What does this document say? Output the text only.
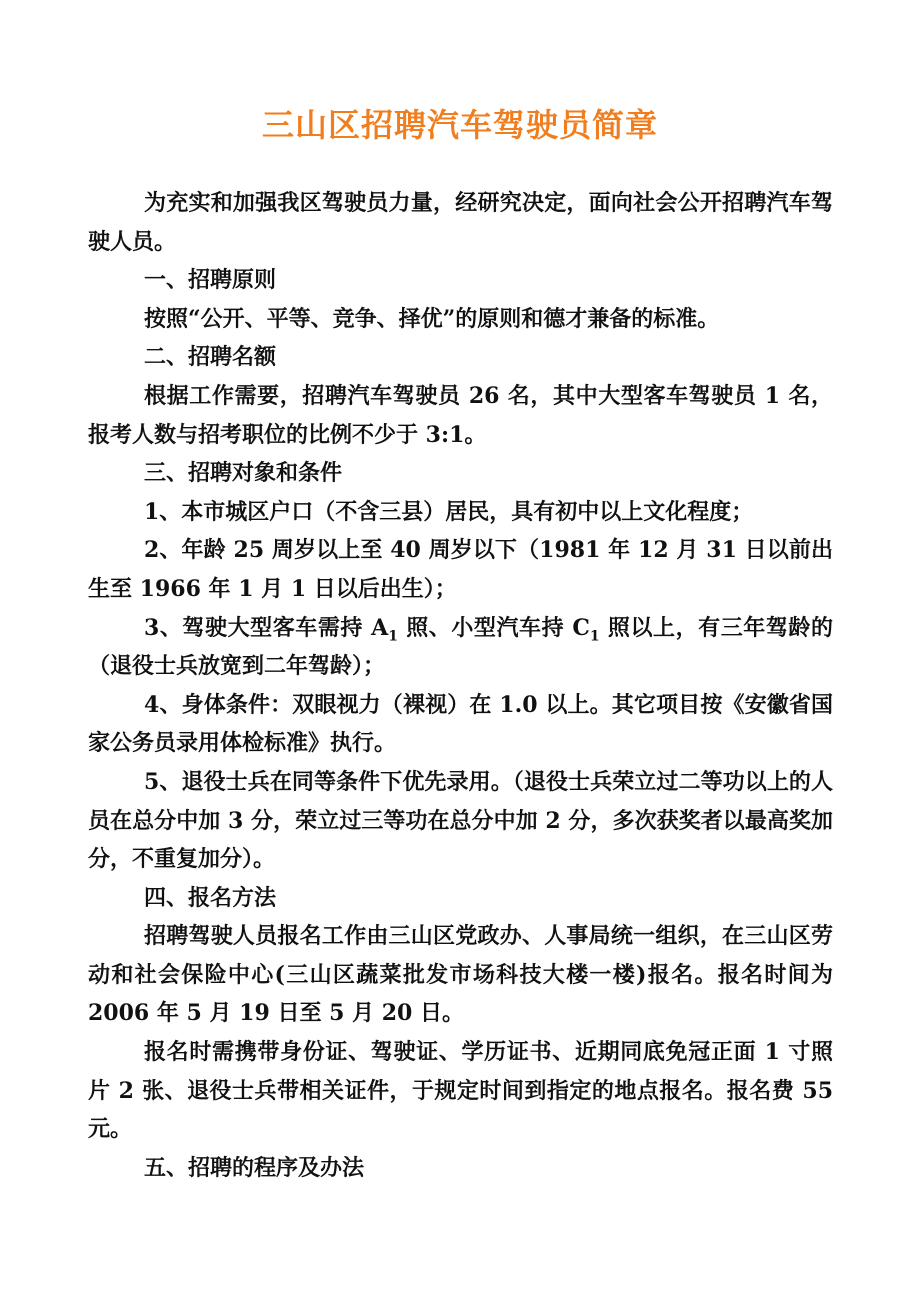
三山区招聘汽车驾驶员简章

为充实和加强我区驾驶员力量，经研究决定，面向社会公开招聘汽车驾驶人员。

一、招聘原则

按照“公开、平等、竞争、择优”的原则和德才兼备的标准。

二、招聘名额

根据工作需要，招聘汽车驾驶员 26 名，其中大型客车驾驶员 1 名，报考人数与招考职位的比例不少于 3:1。

三、招聘对象和条件

1、本市城区户口（不含三县）居民，具有初中以上文化程度；

2、年龄 25 周岁以上至 40 周岁以下（1981 年 12 月 31 日以前出生至 1966 年 1 月 1 日以后出生）；

3、驾驶大型客车需持 $A_1$ 照、小型汽车持 $C_1$ 照以上，有三年驾龄的（退役士兵放宽到二年驾龄）；

4、身体条件：双眼视力（裸视）在 1.0 以上。其它项目按《安徽省国家公务员录用体检标准》执行。

5、退役士兵在同等条件下优先录用。（退役士兵荣立过二等功以上的人员在总分中加 3 分，荣立过三等功在总分中加 2 分，多次获奖者以最高奖加分，不重复加分）。

四、报名方法

招聘驾驶人员报名工作由三山区党政办、人事局统一组织，在三山区劳动和社会保险中心(三山区蔬菜批发市场科技大楼一楼)报名。报名时间为 2006 年 5 月 19 日至 5 月 20 日。

报名时需携带身份证、驾驶证、学历证书、近期同底免冠正面 1 寸照片 2 张、退役士兵带相关证件，于规定时间到指定的地点报名。报名费 55 元。

五、招聘的程序及办法
